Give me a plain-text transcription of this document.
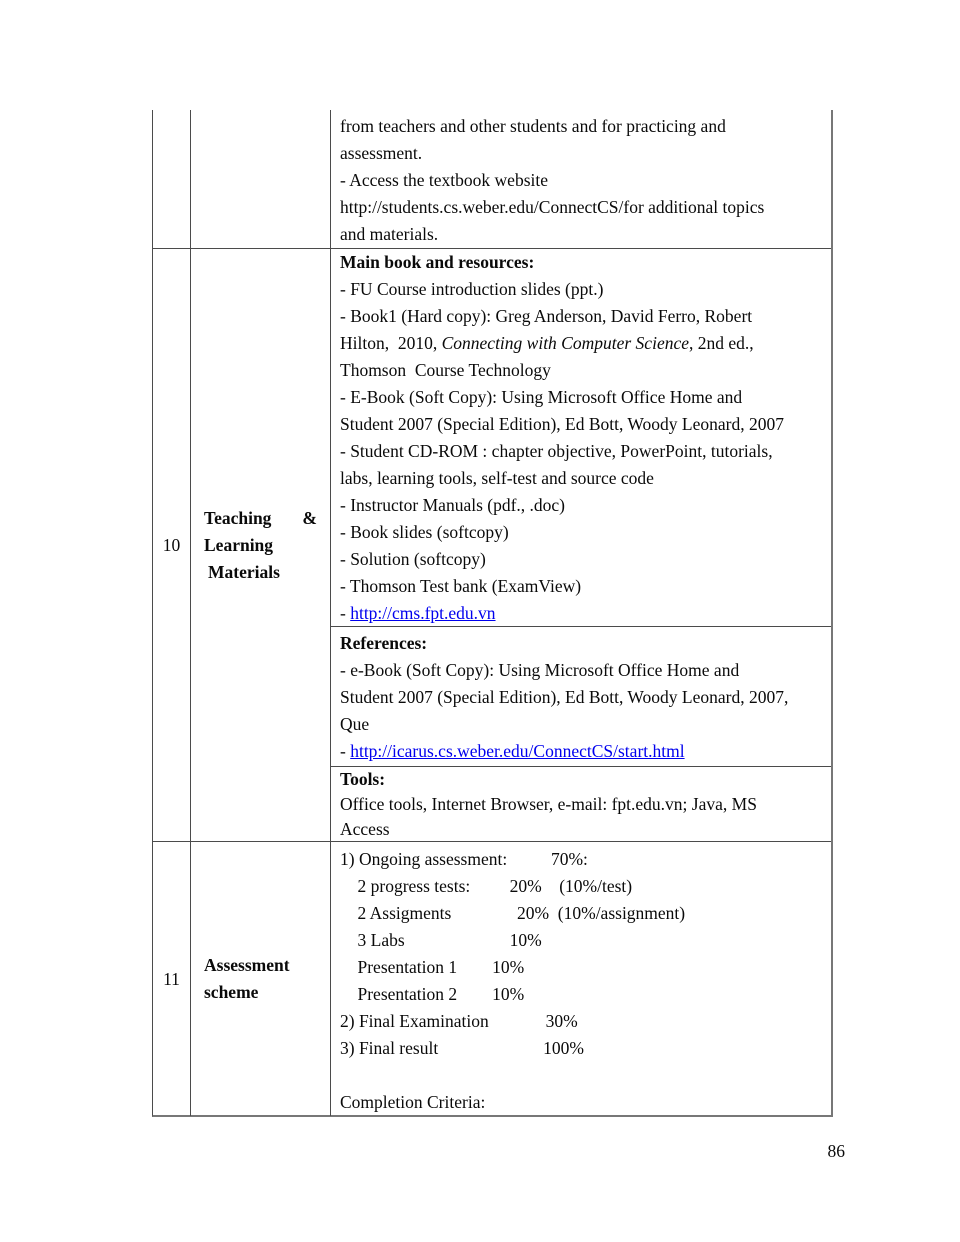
from teachers and other students and for practicing and
assessment.
- Access the textbook website
http://students.cs.weber.edu/ConnectCS/for additional topics
and materials.
10
Teaching &
Learning
Materials
Main book and resources:
- FU Course introduction slides (ppt.)
- Book1 (Hard copy): Greg Anderson, David Ferro, Robert
Hilton,  2010, Connecting with Computer Science, 2nd ed.,
Thomson  Course Technology
- E-Book (Soft Copy): Using Microsoft Office Home and
Student 2007 (Special Edition), Ed Bott, Woody Leonard, 2007
- Student CD-ROM : chapter objective, PowerPoint, tutorials,
labs, learning tools, self-test and source code
- Instructor Manuals (pdf., .doc)
- Book slides (softcopy)
- Solution (softcopy)
- Thomson Test bank (ExamView)
- http://cms.fpt.edu.vn
References:
- e-Book (Soft Copy): Using Microsoft Office Home and
Student 2007 (Special Edition), Ed Bott, Woody Leonard, 2007,
Que
- http://icarus.cs.weber.edu/ConnectCS/start.html
Tools:
Office tools, Internet Browser, e-mail: fpt.edu.vn; Java, MS
Access
11
Assessment
scheme
1) Ongoing assessment:          70%:
2 progress tests:         20%    (10%/test)
2 Assigments               20%  (10%/assignment)
3 Labs                        10%
Presentation 1        10%
Presentation 2        10%
2) Final Examination             30%
3) Final result                        100%
Completion Criteria:
86
